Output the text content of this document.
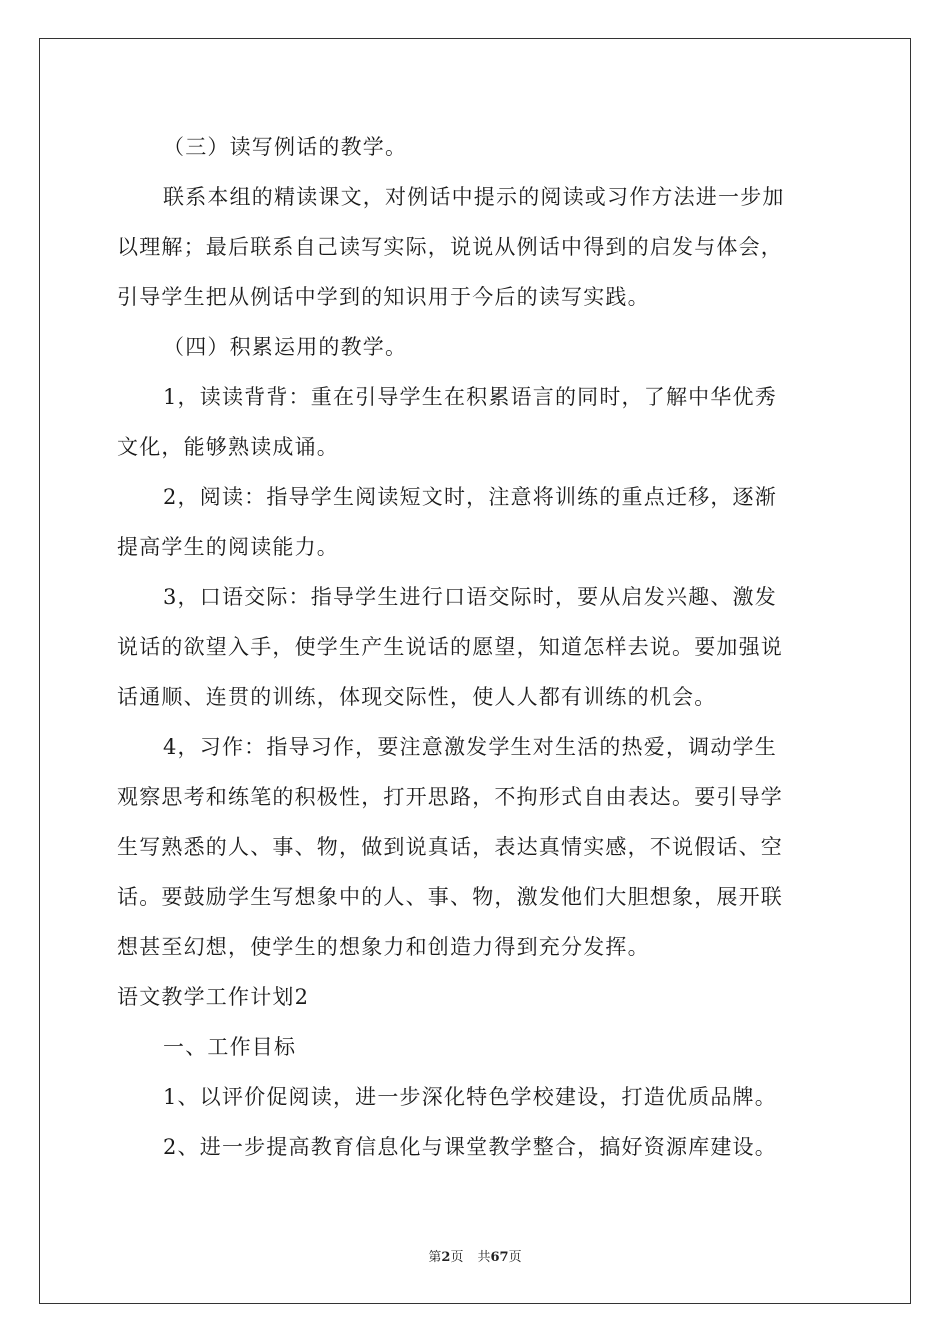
（三）读写例话的教学。
联系本组的精读课文，对例话中提示的阅读或习作方法进一步加
以理解；最后联系自己读写实际，说说从例话中得到的启发与体会，
引导学生把从例话中学到的知识用于今后的读写实践。
（四）积累运用的教学。
1，读读背背：重在引导学生在积累语言的同时，了解中华优秀
文化，能够熟读成诵。
2，阅读：指导学生阅读短文时，注意将训练的重点迁移，逐渐
提高学生的阅读能力。
3，口语交际：指导学生进行口语交际时，要从启发兴趣、激发
说话的欲望入手，使学生产生说话的愿望，知道怎样去说。要加强说
话通顺、连贯的训练，体现交际性，使人人都有训练的机会。
4，习作：指导习作，要注意激发学生对生活的热爱，调动学生
观察思考和练笔的积极性，打开思路，不拘形式自由表达。要引导学
生写熟悉的人、事、物，做到说真话，表达真情实感，不说假话、空
话。要鼓励学生写想象中的人、事、物，激发他们大胆想象，展开联
想甚至幻想，使学生的想象力和创造力得到充分发挥。
语文教学工作计划2
一、工作目标
1、以评价促阅读，进一步深化特色学校建设，打造优质品牌。
2、进一步提高教育信息化与课堂教学整合，搞好资源库建设。
第2页 共67页
